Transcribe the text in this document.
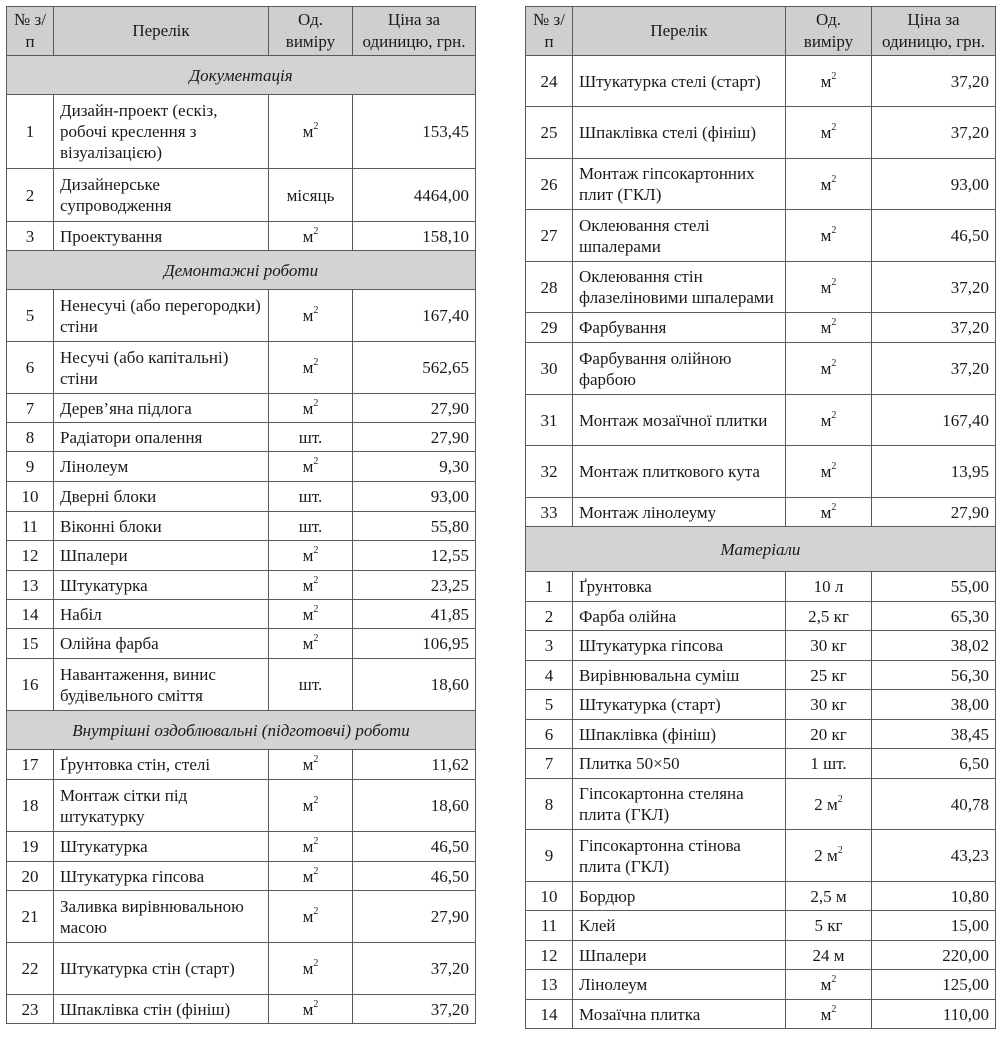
№ з/п	Перелік	Од. виміру	Ціна за одиницю, грн.
Документація			
1	Дизайн-проект (ескіз, робочі креслення з візуалізацією)	$м^2$	153,45
2	Дизайнерське супроводження	місяць	4464,00
3	Проектування	$м^2$	158,10
Демонтажні роботи			
5	Ненесучі (або перегородки) стіни	$м^2$	167,40
6	Несучі (або капітальні) стіни	$м^2$	562,65
7	Дерев’яна підлога	$м^2$	27,90
8	Радіатори опалення	шт.	27,90
9	Лінолеум	$м^2$	9,30
10	Дверні блоки	шт.	93,00
11	Віконні блоки	шт.	55,80
12	Шпалери	$м^2$	12,55
13	Штукатурка	$м^2$	23,25
14	Набіл	$м^2$	41,85
15	Олійна фарба	$м^2$	106,95
16	Навантаження, винис будівельного сміття	шт.	18,60
Внутрішні оздоблювальні (підготовчі) роботи			
17	Ґрунтовка стін, стелі	$м^2$	11,62
18	Монтаж сітки під штукатурку	$м^2$	18,60
19	Штукатурка	$м^2$	46,50
20	Штукатурка гіпсова	$м^2$	46,50
21	Заливка вирівнювальною масою	$м^2$	27,90
22	Штукатурка стін (старт)	$м^2$	37,20
23	Шпаклівка стін (фініш)	$м^2$	37,20
№ з/п	Перелік	Од. виміру	Ціна за одиницю, грн.
24	Штукатурка стелі (старт)	$м^2$	37,20
25	Шпаклівка стелі (фініш)	$м^2$	37,20
26	Монтаж гіпсокартонних плит (ГКЛ)	$м^2$	93,00
27	Оклеювання стелі шпалерами	$м^2$	46,50
28	Оклеювання стін флазеліновими шпалерами	$м^2$	37,20
29	Фарбування	$м^2$	37,20
30	Фарбування олійною фарбою	$м^2$	37,20
31	Монтаж мозаїчної плитки	$м^2$	167,40
32	Монтаж плиткового кута	$м^2$	13,95
33	Монтаж лінолеуму	$м^2$	27,90
Матеріали			
1	Ґрунтовка	10 л	55,00
2	Фарба олійна	2,5 кг	65,30
3	Штукатурка гіпсова	30 кг	38,02
4	Вирівнювальна суміш	25 кг	56,30
5	Штукатурка (старт)	30 кг	38,00
6	Шпаклівка (фініш)	20 кг	38,45
7	Плитка 50×50	1 шт.	6,50
8	Гіпсокартонна стеляна плита (ГКЛ)	2 $м^2$	40,78
9	Гіпсокартонна стінова плита (ГКЛ)	2 $м^2$	43,23
10	Бордюр	2,5 м	10,80
11	Клей	5 кг	15,00
12	Шпалери	24 м	220,00
13	Лінолеум	$м^2$	125,00
14	Мозаїчна плитка	$м^2$	110,00
